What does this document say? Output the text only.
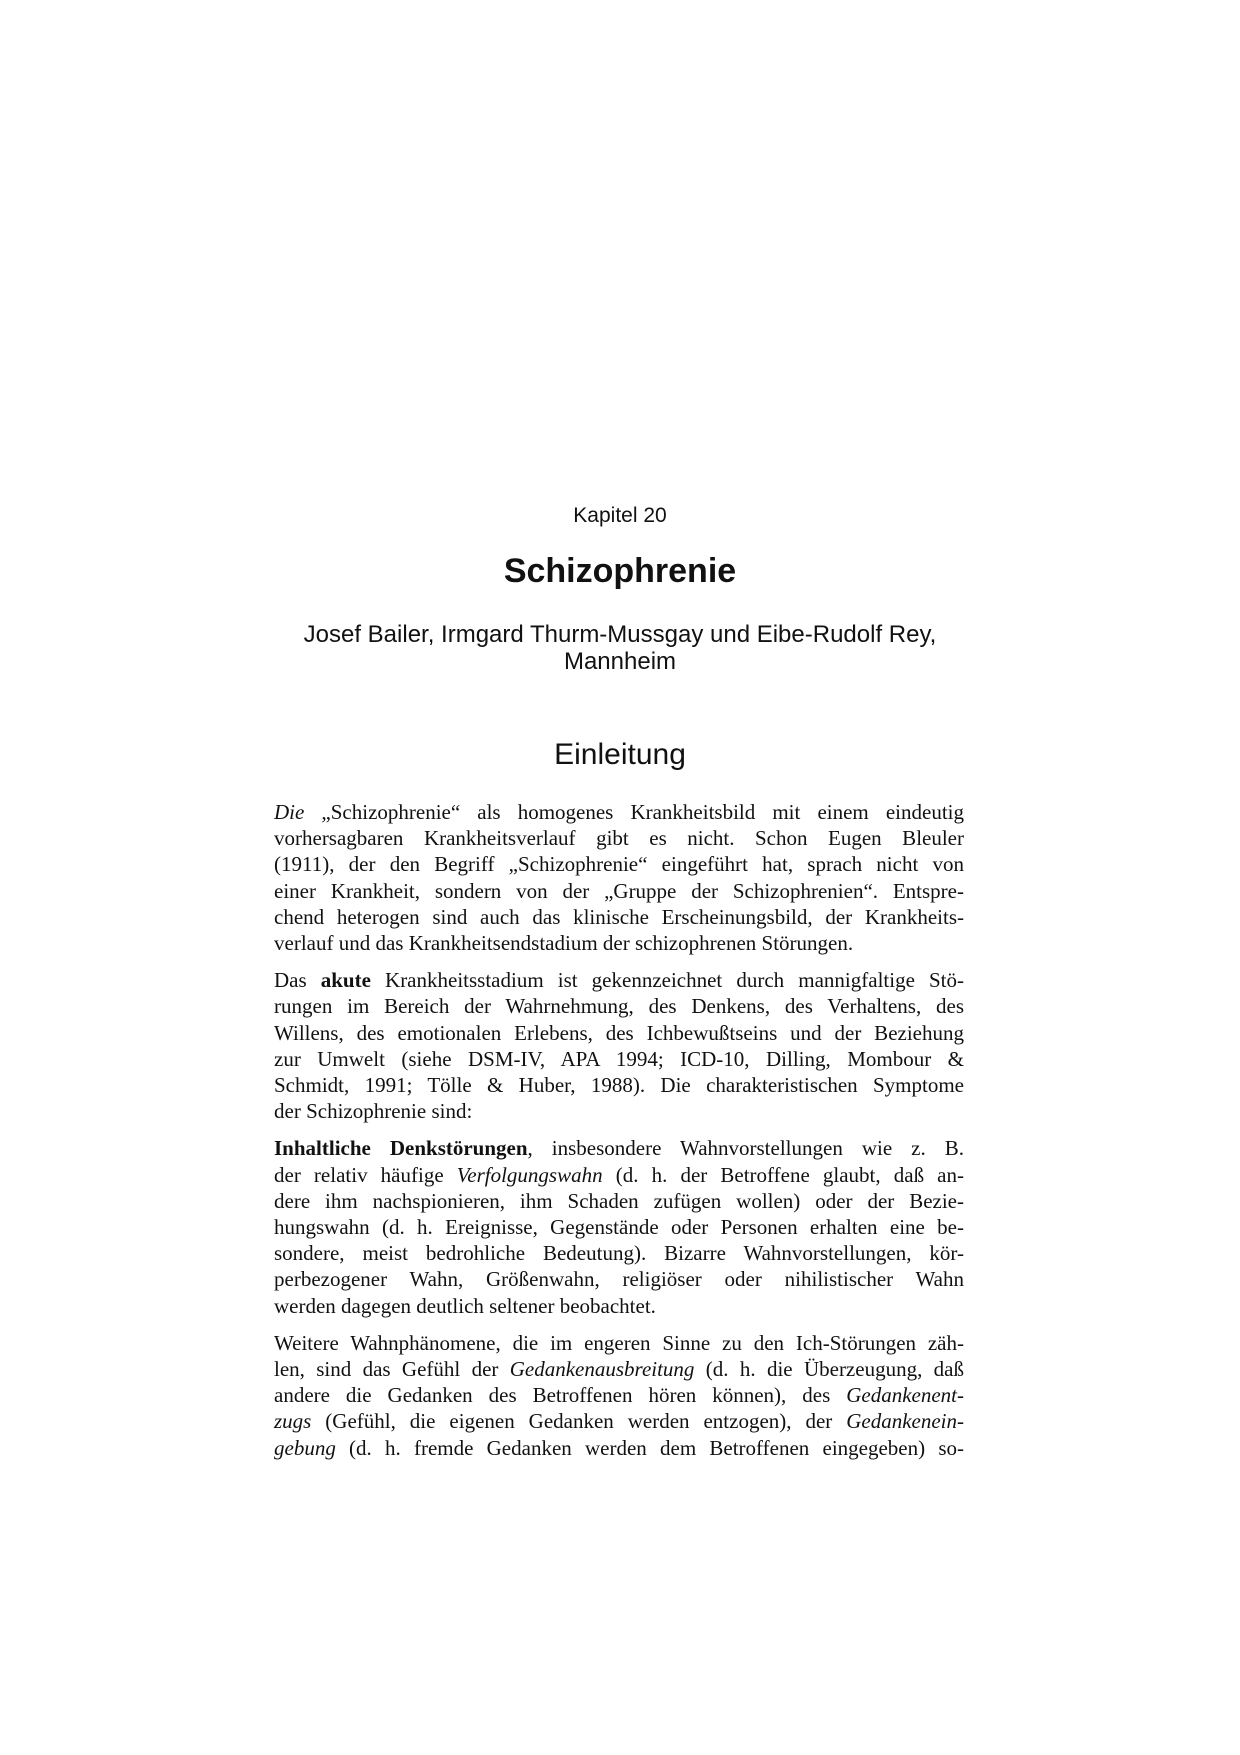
Kapitel 20
Schizophrenie
Josef Bailer, Irmgard Thurm-Mussgay und Eibe-Rudolf Rey,
Mannheim
Einleitung

Die „Schizophrenie“ als homogenes Krankheitsbild mit einem eindeutig
vorhersagbaren Krankheitsverlauf gibt es nicht. Schon Eugen Bleuler
(1911), der den Begriff „Schizophrenie“ eingeführt hat, sprach nicht von
einer Krankheit, sondern von der „Gruppe der Schizophrenien“. Entspre-
chend heterogen sind auch das klinische Erscheinungsbild, der Krankheits-
verlauf und das Krankheitsendstadium der schizophrenen Störungen.

Das akute Krankheitsstadium ist gekennzeichnet durch mannigfaltige Stö-
rungen im Bereich der Wahrnehmung, des Denkens, des Verhaltens, des
Willens, des emotionalen Erlebens, des Ichbewußtseins und der Beziehung
zur Umwelt (siehe DSM-IV, APA 1994; ICD-10, Dilling, Mombour &
Schmidt, 1991; Tölle & Huber, 1988). Die charakteristischen Symptome
der Schizophrenie sind:

Inhaltliche Denkstörungen, insbesondere Wahnvorstellungen wie z. B.
der relativ häufige Verfolgungswahn (d. h. der Betroffene glaubt, daß an-
dere ihm nachspionieren, ihm Schaden zufügen wollen) oder der Bezie-
hungswahn (d. h. Ereignisse, Gegenstände oder Personen erhalten eine be-
sondere, meist bedrohliche Bedeutung). Bizarre Wahnvorstellungen, kör-
perbezogener Wahn, Größenwahn, religiöser oder nihilistischer Wahn
werden dagegen deutlich seltener beobachtet.

Weitere Wahnphänomene, die im engeren Sinne zu den Ich-Störungen zäh-
len, sind das Gefühl der Gedankenausbreitung (d. h. die Überzeugung, daß
andere die Gedanken des Betroffenen hören können), des Gedankenent-
zugs (Gefühl, die eigenen Gedanken werden entzogen), der Gedankenein-
gebung (d. h. fremde Gedanken werden dem Betroffenen eingegeben) so-
